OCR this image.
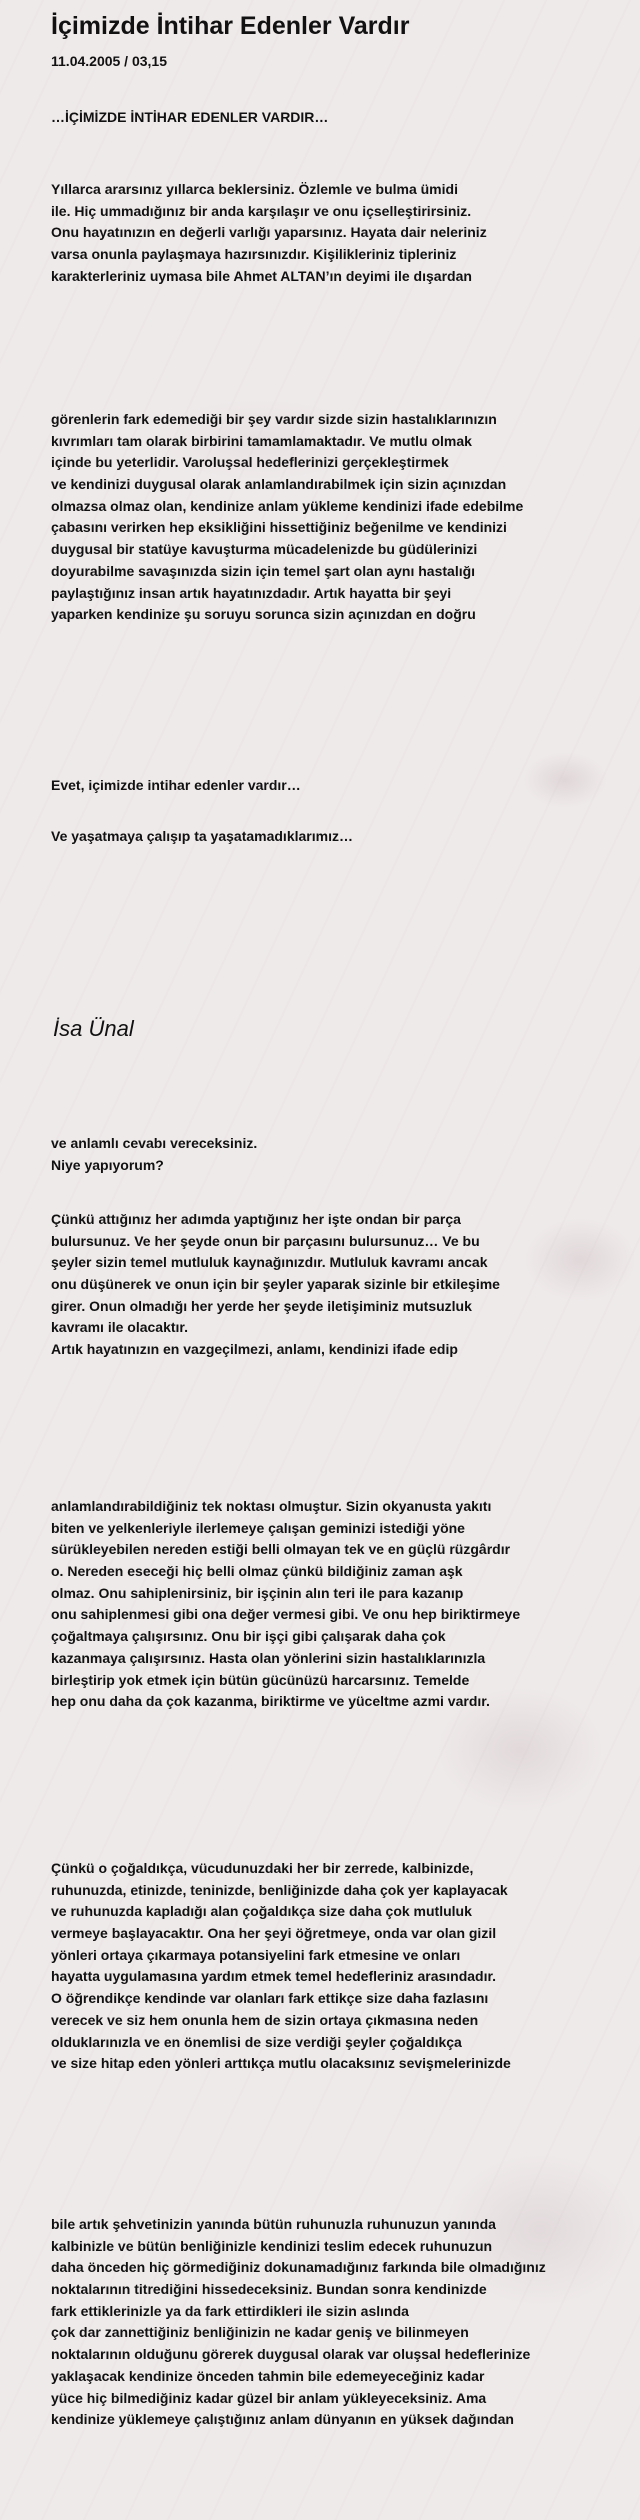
İçimizde İntihar Edenler Vardır
11.04.2005 / 03,15
…İÇİMİZDE İNTİHAR EDENLER VARDIR…
Yıllarca ararsınız yıllarca beklersiniz. Özlemle ve bulma ümidi
ile. Hiç ummadığınız bir anda karşılaşır ve onu içselleştirirsiniz.
Onu hayatınızın en değerli varlığı yaparsınız. Hayata dair neleriniz
varsa onunla paylaşmaya hazırsınızdır. Kişilikleriniz tipleriniz
karakterleriniz uymasa bile Ahmet ALTAN’ın deyimi ile dışardan
görenlerin fark edemediği bir şey vardır sizde sizin hastalıklarınızın
kıvrımları tam olarak birbirini tamamlamaktadır. Ve mutlu olmak
içinde bu yeterlidir. Varoluşsal hedeflerinizi gerçekleştirmek
ve kendinizi duygusal olarak anlamlandırabilmek için sizin açınızdan
olmazsa olmaz olan, kendinize anlam yükleme kendinizi ifade edebilme
çabasını verirken hep eksikliğini hissettiğiniz beğenilme ve kendinizi
duygusal bir statüye kavuşturma mücadelenizde bu güdülerinizi
doyurabilme savaşınızda sizin için temel şart olan aynı hastalığı
paylaştığınız insan artık hayatınızdadır. Artık hayatta bir şeyi
yaparken kendinize şu soruyu sorunca sizin açınızdan en doğru
Evet, içimizde intihar edenler vardır…
Ve yaşatmaya çalışıp ta yaşatamadıklarımız…
İsa Ünal
ve anlamlı cevabı vereceksiniz.
Niye yapıyorum?
Çünkü attığınız her adımda yaptığınız her işte ondan bir parça
bulursunuz. Ve her şeyde onun bir parçasını bulursunuz… Ve bu
şeyler sizin temel mutluluk kaynağınızdır. Mutluluk kavramı ancak
onu düşünerek ve onun için bir şeyler yaparak sizinle bir etkileşime
girer. Onun olmadığı her yerde her şeyde iletişiminiz mutsuzluk
kavramı ile olacaktır.
Artık hayatınızın en vazgeçilmezi, anlamı, kendinizi ifade edip
anlamlandırabildiğiniz tek noktası olmuştur. Sizin okyanusta yakıtı
biten ve yelkenleriyle ilerlemeye çalışan geminizi istediği yöne
sürükleyebilen nereden estiği belli olmayan tek ve en güçlü rüzgârdır
o. Nereden eseceği hiç belli olmaz çünkü bildiğiniz zaman aşk
olmaz. Onu sahiplenirsiniz, bir işçinin alın teri ile para kazanıp
onu sahiplenmesi gibi ona değer vermesi gibi. Ve onu hep biriktirmeye
çoğaltmaya çalışırsınız. Onu bir işçi gibi çalışarak daha çok
kazanmaya çalışırsınız. Hasta olan yönlerini sizin hastalıklarınızla
birleştirip yok etmek için bütün gücünüzü harcarsınız. Temelde
hep onu daha da çok kazanma, biriktirme ve yüceltme azmi vardır.
Çünkü o çoğaldıkça, vücudunuzdaki her bir zerrede, kalbinizde,
ruhunuzda, etinizde, teninizde, benliğinizde daha çok yer kaplayacak
ve ruhunuzda kapladığı alan çoğaldıkça size daha çok mutluluk
vermeye başlayacaktır. Ona her şeyi öğretmeye, onda var olan gizil
yönleri ortaya çıkarmaya potansiyelini fark etmesine ve onları
hayatta uygulamasına yardım etmek temel hedefleriniz arasındadır.
O öğrendikçe kendinde var olanları fark ettikçe size daha fazlasını
verecek ve siz hem onunla hem de sizin ortaya çıkmasına neden
olduklarınızla ve en önemlisi de size verdiği şeyler çoğaldıkça
ve size hitap eden yönleri arttıkça mutlu olacaksınız sevişmelerinizde
bile artık şehvetinizin yanında bütün ruhunuzla ruhunuzun yanında
kalbinizle ve bütün benliğinizle kendinizi teslim edecek ruhunuzun
daha önceden hiç görmediğiniz dokunamadığınız farkında bile olmadığınız
noktalarının titrediğini hissedeceksiniz. Bundan sonra kendinizde
fark ettiklerinizle ya da fark ettirdikleri ile sizin aslında
çok dar zannettiğiniz benliğinizin ne kadar geniş ve bilinmeyen
noktalarının olduğunu görerek duygusal olarak var oluşsal hedeflerinize
yaklaşacak kendinize önceden tahmin bile edemeyeceğiniz kadar
yüce hiç bilmediğiniz kadar güzel bir anlam yükleyeceksiniz. Ama
kendinize yüklemeye çalıştığınız anlam dünyanın en yüksek dağından
